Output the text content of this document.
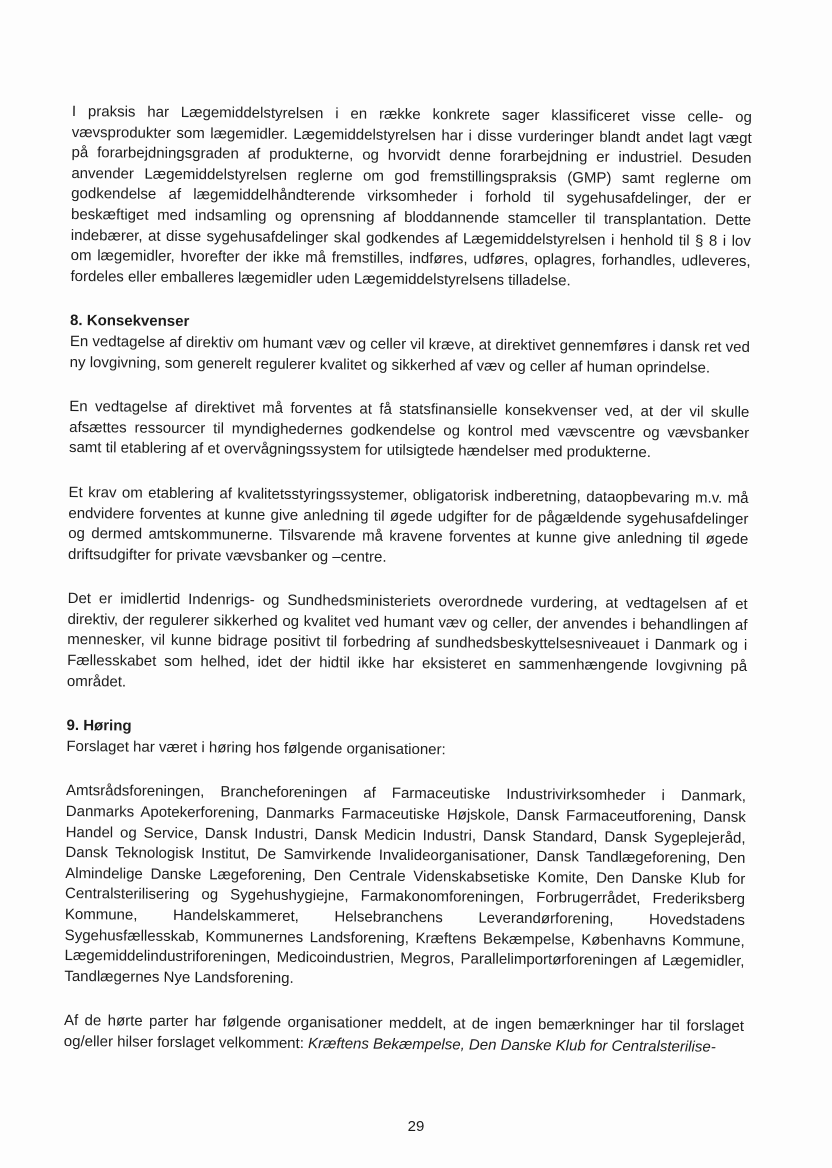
I praksis har Lægemiddelstyrelsen i en række konkrete sager klassificeret visse celle- og vævsprodukter som lægemidler. Lægemiddelstyrelsen har i disse vurderinger blandt andet lagt vægt på forarbejdningsgraden af produkterne, og hvorvidt denne forarbejdning er industriel. Desuden anvender Lægemiddelstyrelsen reglerne om god fremstillingspraksis (GMP) samt reglerne om godkendelse af lægemiddelhåndterende virksomheder i forhold til sygehusafdelinger, der er beskæftiget med indsamling og oprensning af bloddannende stamceller til transplantation. Dette indebærer, at disse sygehusafdelinger skal godkendes af Lægemiddelstyrelsen i henhold til § 8 i lov om lægemidler, hvorefter der ikke må fremstilles, indføres, udføres, oplagres, forhandles, udleveres, fordeles eller emballeres lægemidler uden Lægemiddelstyrelsens tilladelse.

8. Konsekvenser

En vedtagelse af direktiv om humant væv og celler vil kræve, at direktivet gennemføres i dansk ret ved ny lovgivning, som generelt regulerer kvalitet og sikkerhed af væv og celler af human oprindelse.

En vedtagelse af direktivet må forventes at få statsfinansielle konsekvenser ved, at der vil skulle afsættes ressourcer til myndighedernes godkendelse og kontrol med vævscentre og vævsbanker samt til etablering af et overvågningssystem for utilsigtede hændelser med produkterne.

Et krav om etablering af kvalitetsstyringssystemer, obligatorisk indberetning, dataopbevaring m.v. må endvidere forventes at kunne give anledning til øgede udgifter for de pågældende sygehusafdelinger og dermed amtskommunerne. Tilsvarende må kravene forventes at kunne give anledning til øgede driftsudgifter for private vævsbanker og –centre.

Det er imidlertid Indenrigs- og Sundhedsministeriets overordnede vurdering, at vedtagelsen af et direktiv, der regulerer sikkerhed og kvalitet ved humant væv og celler, der anvendes i behandlingen af mennesker, vil kunne bidrage positivt til forbedring af sundhedsbeskyttelsesniveauet i Danmark og i Fællesskabet som helhed, idet der hidtil ikke har eksisteret en sammenhængende lovgivning på området.

9. Høring

Forslaget har været i høring hos følgende organisationer:

Amtsrådsforeningen, Brancheforeningen af Farmaceutiske Industrivirksomheder i Danmark, Danmarks Apotekerforening, Danmarks Farmaceutiske Højskole, Dansk Farmaceutforening, Dansk Handel og Service, Dansk Industri, Dansk Medicin Industri, Dansk Standard, Dansk Sygeplejeråd, Dansk Teknologisk Institut, De Samvirkende Invalideorganisationer, Dansk Tandlægeforening, Den Almindelige Danske Lægeforening, Den Centrale Videnskabsetiske Komite, Den Danske Klub for Centralsterilisering og Sygehushygiejne, Farmakonomforeningen, Forbrugerrådet, Frederiksberg Kommune, Handelskammeret, Helsebranchens Leverandørforening, Hovedstadens Sygehusfællesskab, Kommunernes Landsforening, Kræftens Bekæmpelse, Københavns Kommune, Lægemiddelindustriforeningen, Medicoindustrien, Megros, Parallelimportørforeningen af Lægemidler, Tandlægernes Nye Landsforening.

Af de hørte parter har følgende organisationer meddelt, at de ingen bemærkninger har til forslaget og/eller hilser forslaget velkomment: Kræftens Bekæmpelse, Den Danske Klub for Centralsterilise-

29
